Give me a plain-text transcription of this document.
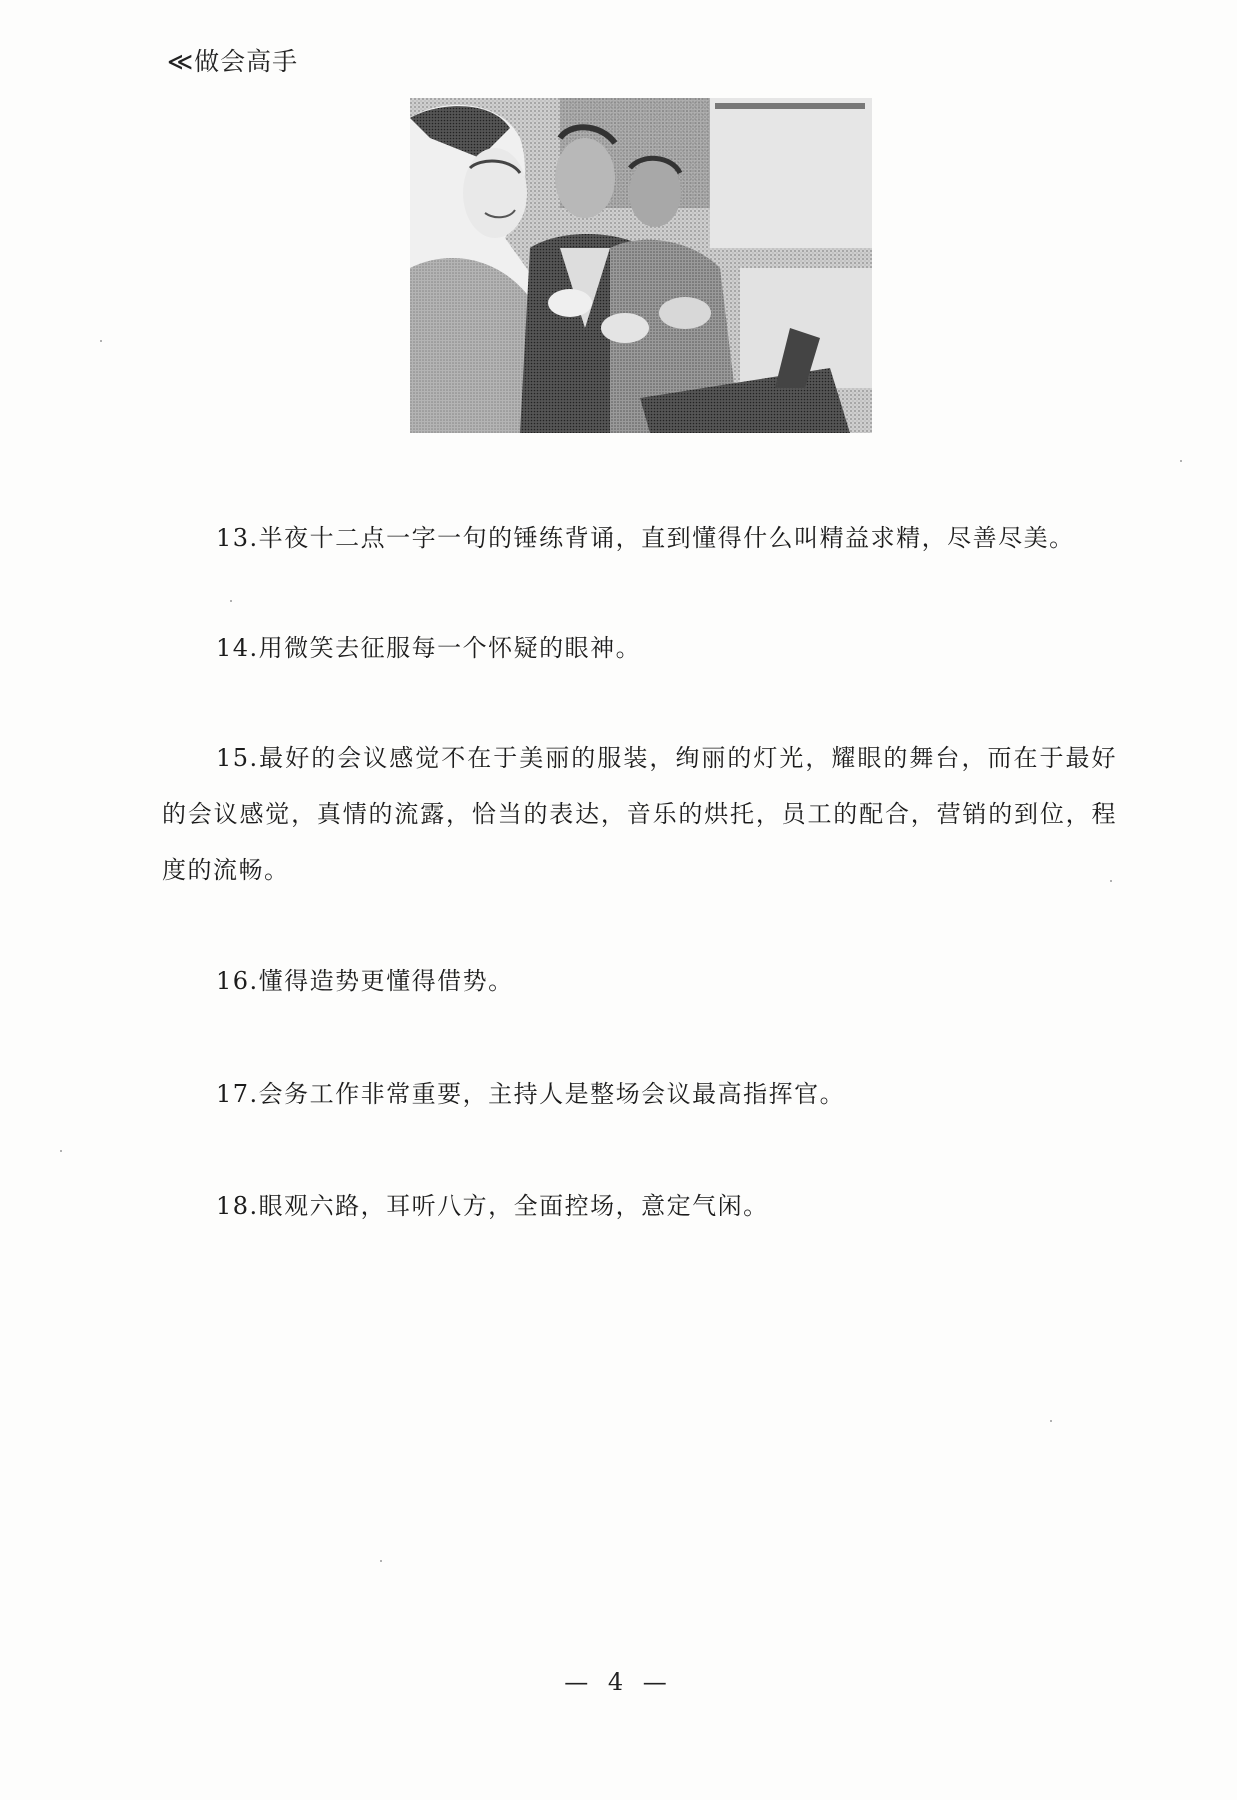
≪做会高手
13.半夜十二点一字一句的锤练背诵，直到懂得什么叫精益求精，尽善尽美。
14.用微笑去征服每一个怀疑的眼神。
15.最好的会议感觉不在于美丽的服装，绚丽的灯光，耀眼的舞台，而在于最好的会议感觉，真情的流露，恰当的表达，音乐的烘托，员工的配合，营销的到位，程度的流畅。
16.懂得造势更懂得借势。
17.会务工作非常重要，主持人是整场会议最高指挥官。
18.眼观六路，耳听八方，全面控场，意定气闲。
— 4 —
